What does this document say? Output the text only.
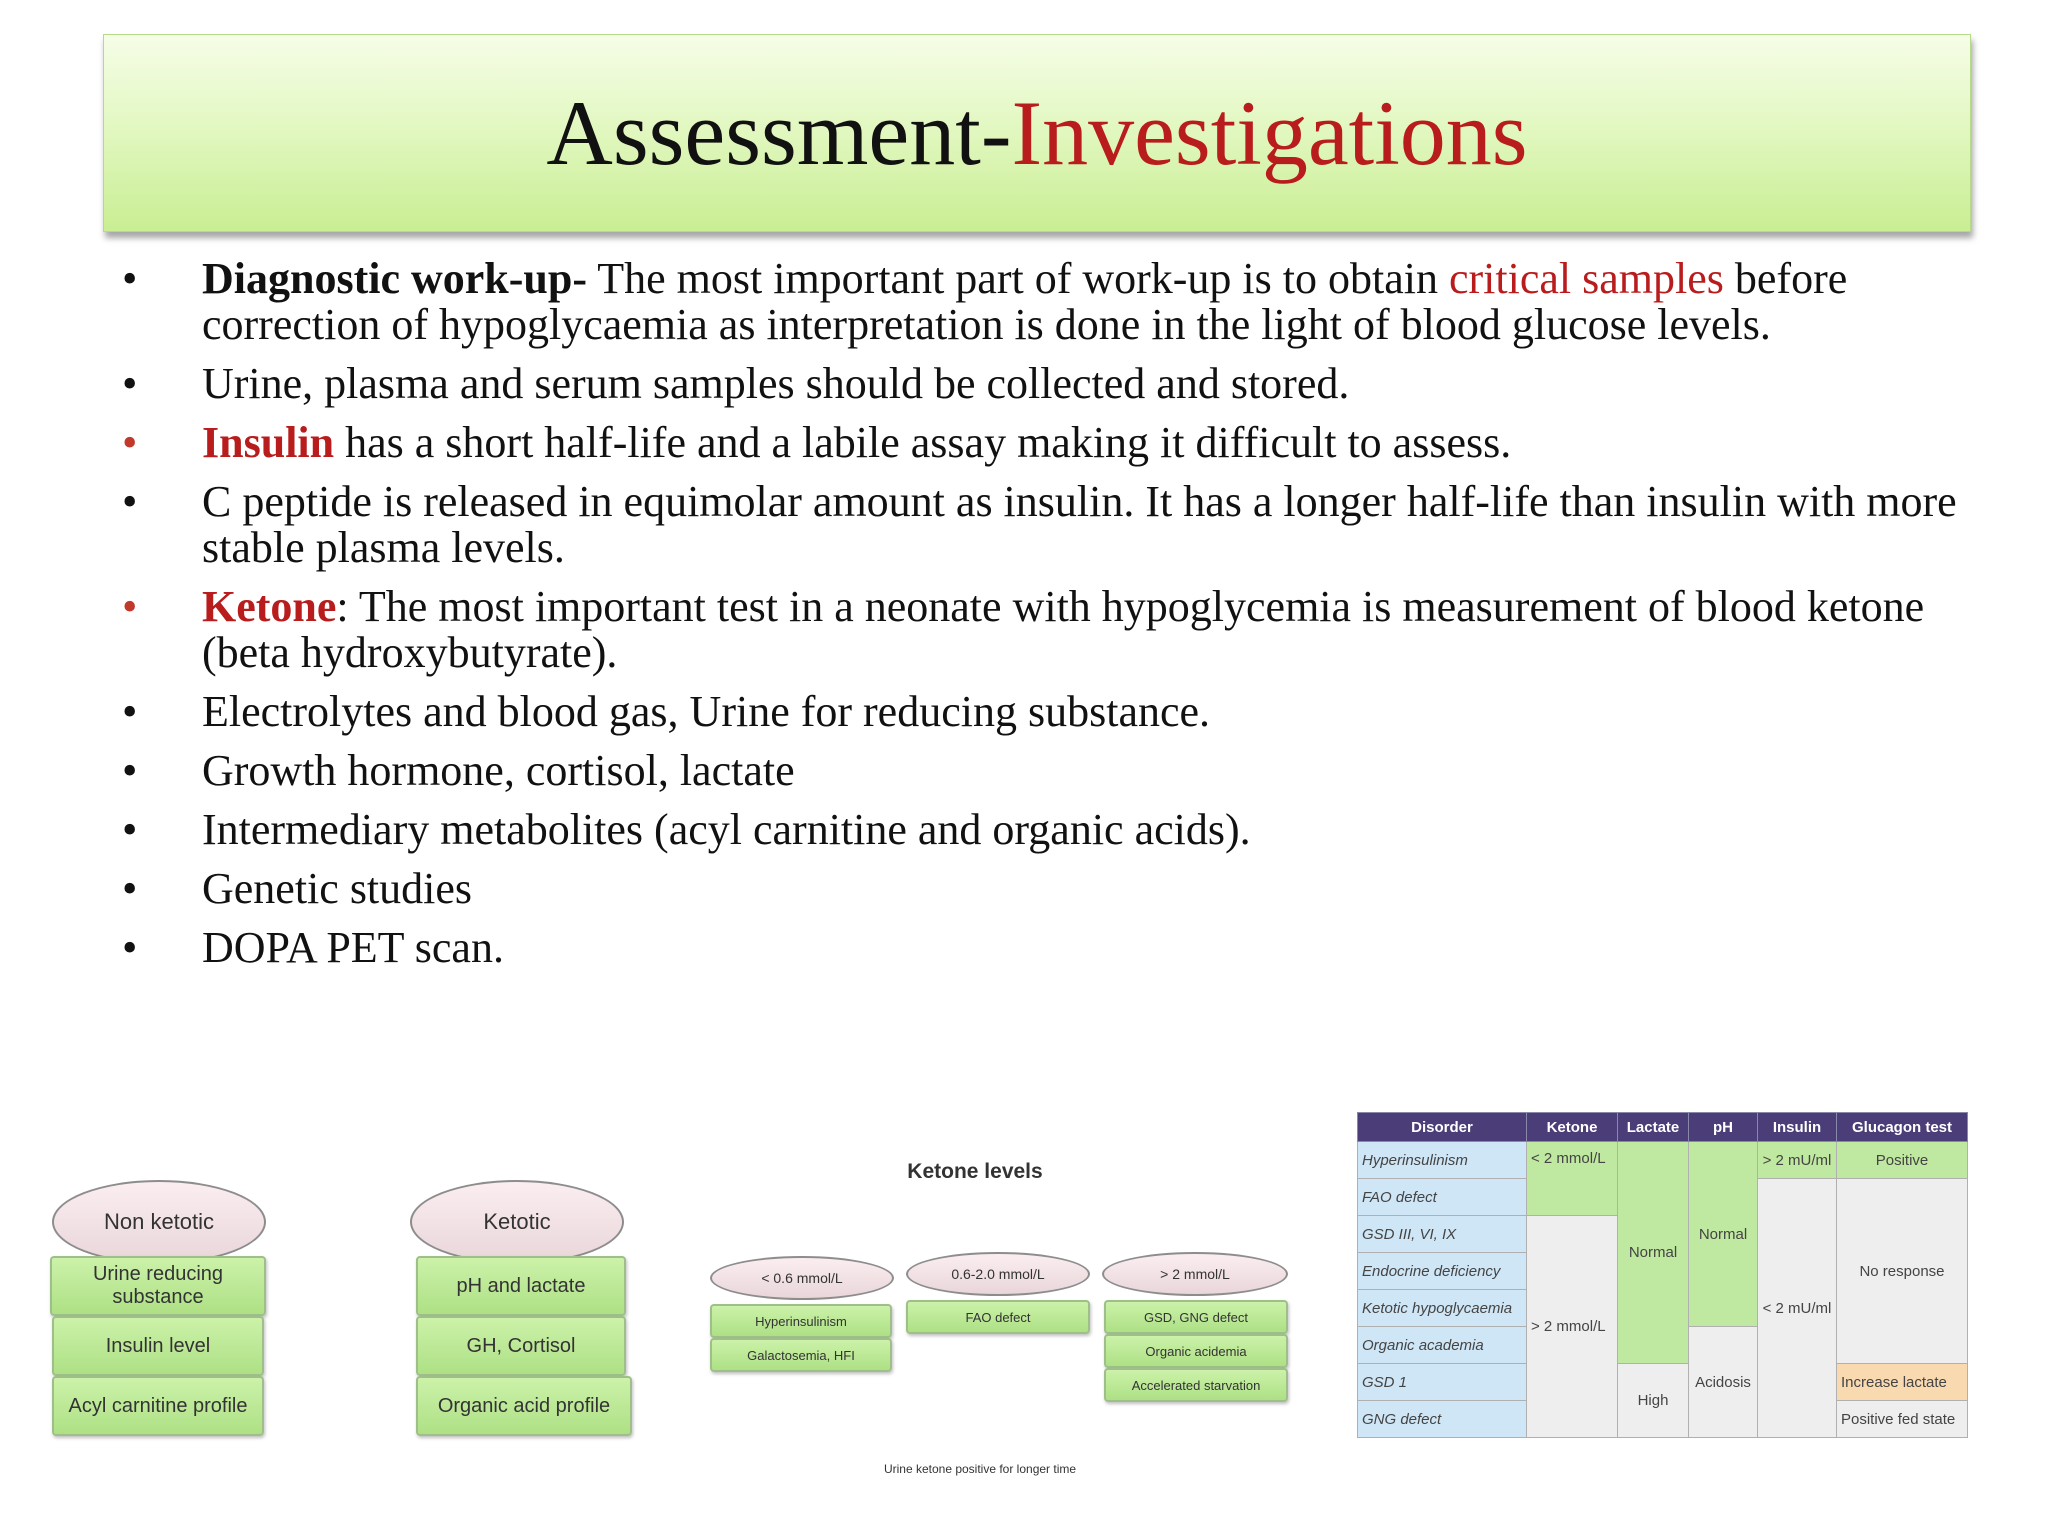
Assessment-Investigations
• Diagnostic work-up- The most important part of work-up is to obtain critical samples before correction of hypoglycaemia as interpretation is done in the light of blood glucose levels.
• Urine, plasma and serum samples should be collected and stored.
• Insulin has a short half-life and a labile assay making it difficult to assess.
• C peptide is released in equimolar amount as insulin. It has a longer half-life than insulin with more stable plasma levels.
• Ketone: The most important test in a neonate with hypoglycemia is measurement of blood ketone (beta hydroxybutyrate).
• Electrolytes and blood gas, Urine for reducing substance.
• Growth hormone, cortisol, lactate
• Intermediary metabolites (acyl carnitine and organic acids).
• Genetic studies
• DOPA PET scan.
Non ketotic
Urine reducing substance
Insulin level
Acyl carnitine profile
Ketotic
pH and lactate
GH, Cortisol
Organic acid profile
Ketone levels
< 0.6 mmol/L	0.6-2.0 mmol/L	> 2 mmol/L
Hyperinsulinism
Galactosemia, HFI
FAO defect	GSD, GNG defect
Organic acidemia
Accelerated starvation
Urine ketone positive for longer time
Disorder	Ketone	Lactate	pH	Insulin	Glucagon test
Hyperinsulinism	< 2 mmol/L	Normal	Normal	> 2 mU/ml	Positive
FAO defect				< 2 mU/ml	No response
GSD III, VI, IX	> 2 mmol/L				
Endocrine deficiency					
Ketotic hypoglycaemia					
Organic academia			Acidosis		
GSD 1		High			Increase lactate
GNG defect					Positive fed state
